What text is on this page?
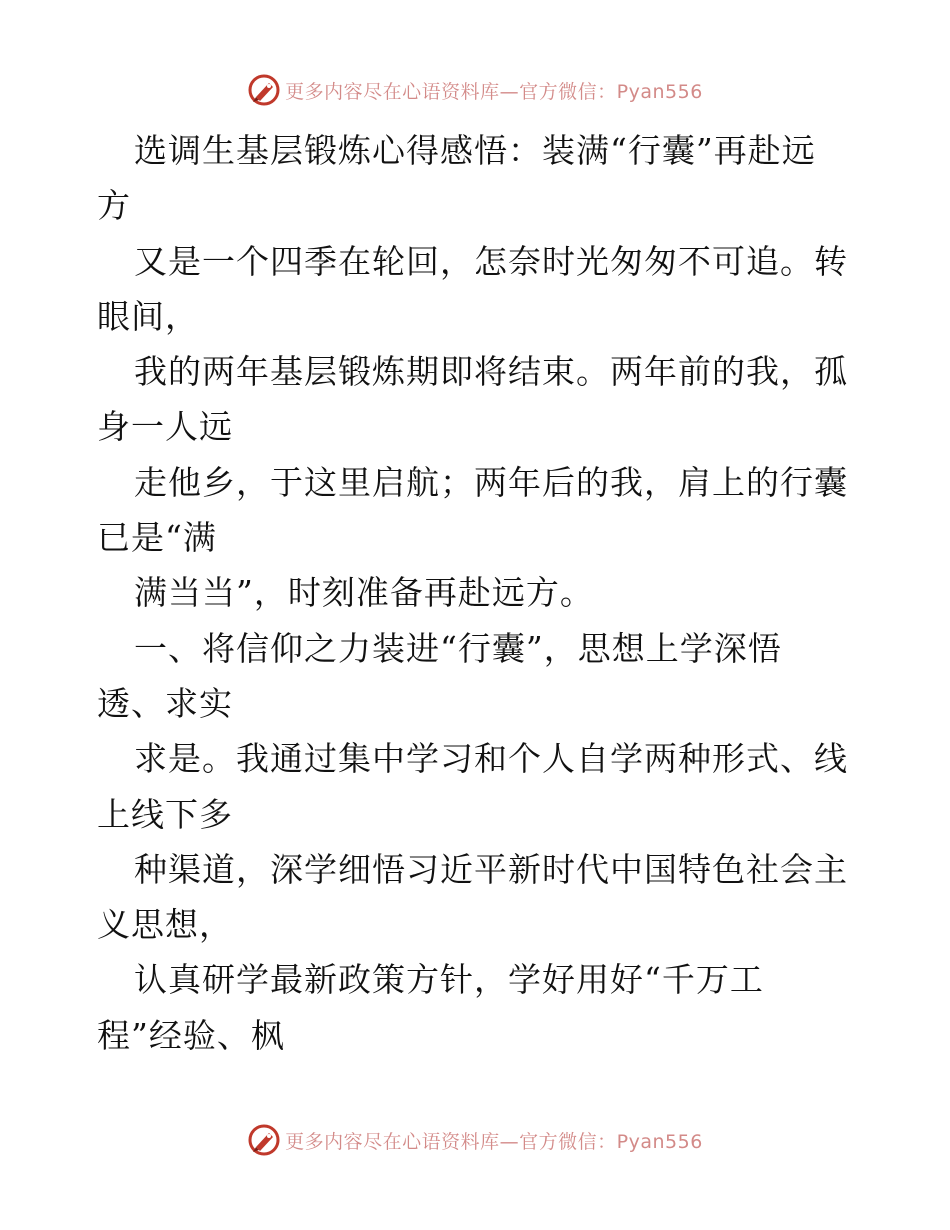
更多内容尽在心语资料库—官方微信：Pyan556
选调生基层锻炼心得感悟：装满“行囊”再赴远
方
又是一个四季在轮回，怎奈时光匆匆不可追。转
眼间，
我的两年基层锻炼期即将结束。两年前的我，孤
身一人远
走他乡，于这里启航；两年后的我，肩上的行囊
已是“满
满当当”，时刻准备再赴远方。
一、将信仰之力装进“行囊”，思想上学深悟
透、求实
求是。我通过集中学习和个人自学两种形式、线
上线下多
种渠道，深学细悟习近平新时代中国特色社会主
义思想，
认真研学最新政策方针，学好用好“千万工
程”经验、枫
更多内容尽在心语资料库—官方微信：Pyan556
